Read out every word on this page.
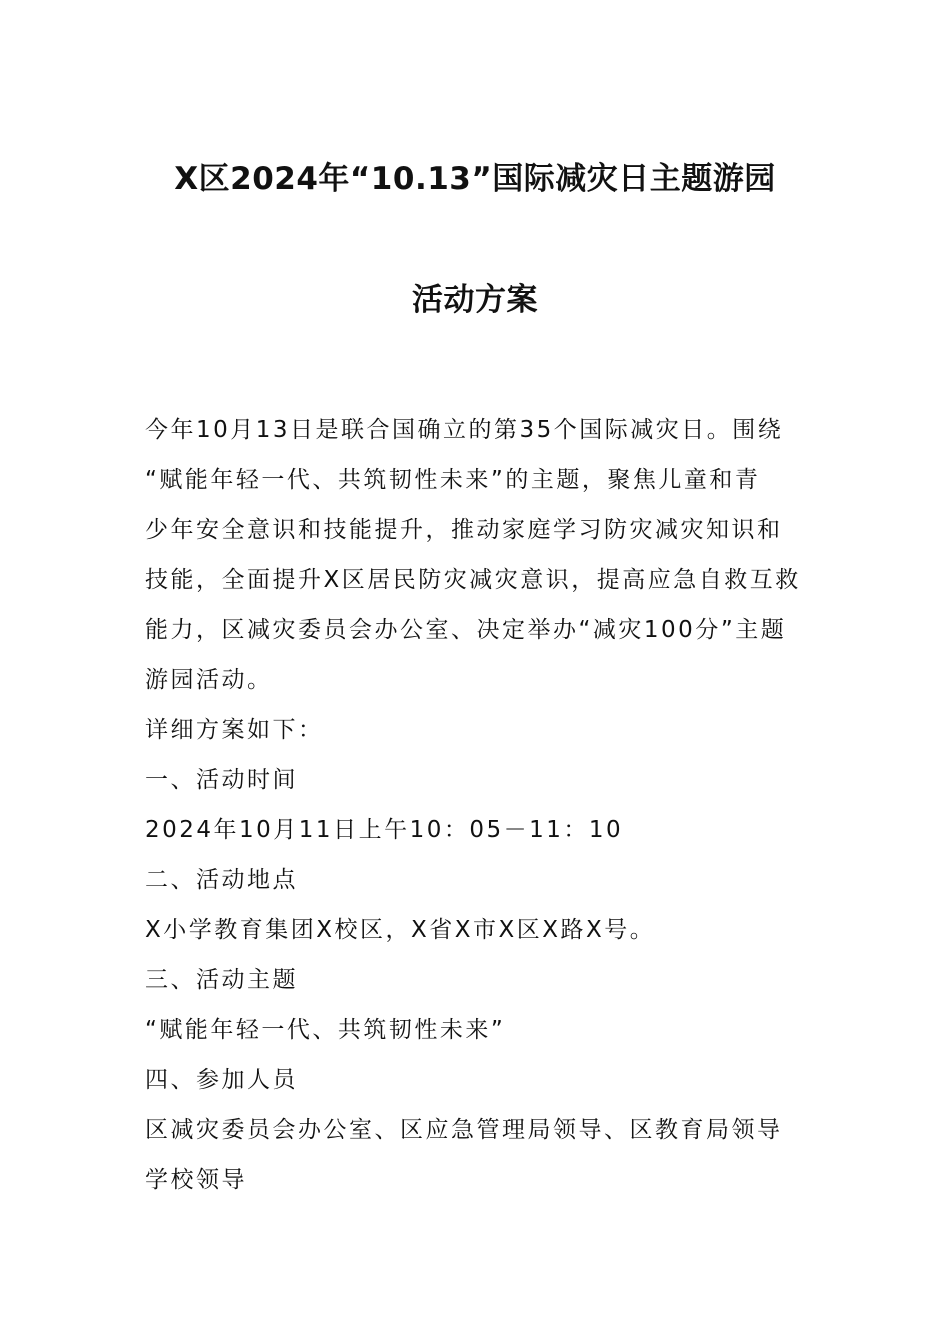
X区2024年“10.13”国际减灾日主题游园
活动方案

今年10月13日是联合国确立的第35个国际减灾日。围绕

“赋能年轻一代、共筑韧性未来”的主题，聚焦儿童和青

少年安全意识和技能提升，推动家庭学习防灾减灾知识和

技能，全面提升X区居民防灾减灾意识，提高应急自救互救

能力，区减灾委员会办公室、决定举办“减灾100分”主题

游园活动。

详细方案如下：

一、活动时间

2024年10月11日上午10：05－11：10

二、活动地点

X小学教育集团X校区，X省X市X区X路X号。

三、活动主题

“赋能年轻一代、共筑韧性未来”

四、参加人员

区减灾委员会办公室、区应急管理局领导、区教育局领导

学校领导
